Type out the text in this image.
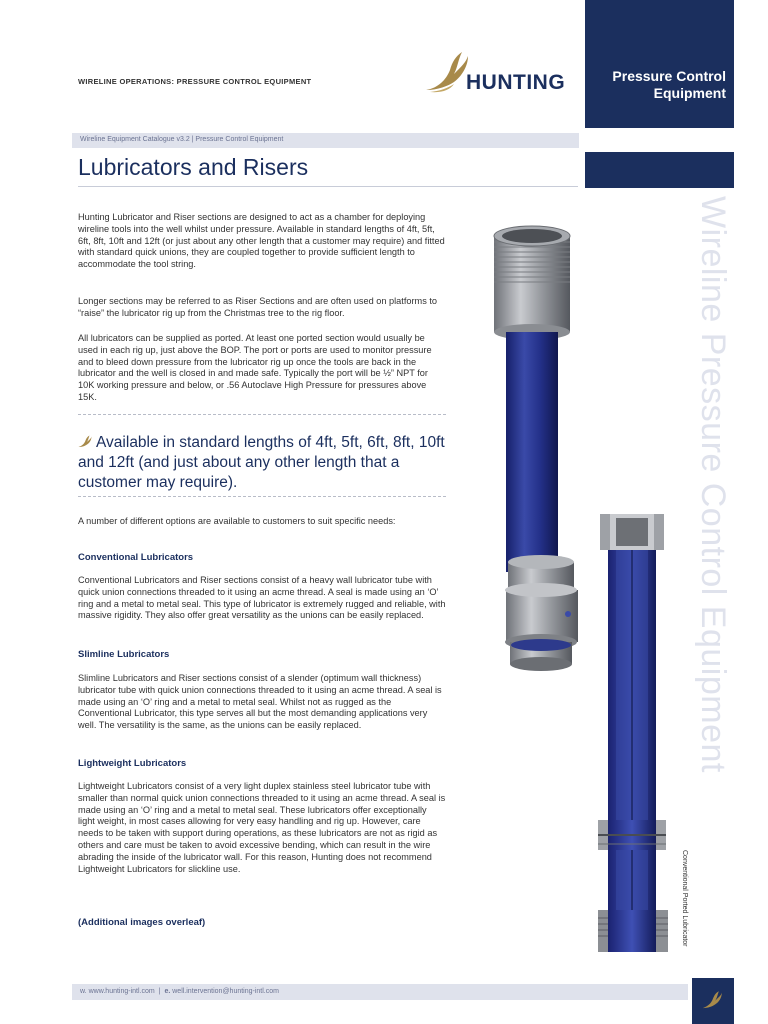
WIRELINE OPERATIONS: PRESSURE CONTROL EQUIPMENT	HUNTING	Pressure Control
Equipment
Wireline Equipment Catalogue v3.2 | Pressure Control Equipment
Lubricators and Risers
Wireline Pressure Control Equipment
Hunting Lubricator and Riser sections are designed to act as a chamber for deploying wireline tools into the well whilst under pressure. Available in standard lengths of 4ft, 5ft, 6ft, 8ft, 10ft and 12ft (or just about any other length that a customer may require) and fitted with standard quick unions, they are coupled together to provide sufficient length to accommodate the tool string.
Longer sections may be referred to as Riser Sections and are often used on platforms to “raise” the lubricator rig up from the Christmas tree to the rig floor.
All lubricators can be supplied as ported. At least one ported section would usually be used in each rig up, just above the BOP. The port or ports are used to monitor pressure and to bleed down pressure from the lubricator rig up once the tools are back in the lubricator and the well is closed in and made safe. Typically the port will be ½” NPT for 10K working pressure and below, or .56 Autoclave High Pressure for pressures above 15K.
Available in standard lengths of 4ft, 5ft, 6ft, 8ft, 10ft and 12ft (and just about any other length that a customer may require).
A number of different options are available to customers to suit specific needs:
Conventional Lubricators
Conventional Lubricators and Riser sections consist of a heavy wall lubricator tube with quick union connections threaded to it using an acme thread. A seal is made using an ‘O’ ring and a metal to metal seal. This type of lubricator is extremely rugged and reliable, with massive rigidity. They also offer great versatility as the unions can be easily replaced.
Slimline Lubricators
Slimline Lubricators and Riser sections consist of a slender (optimum wall thickness) lubricator tube with quick union connections threaded to it using an acme thread. A seal is made using an ‘O’ ring and a metal to metal seal. Whilst not as rugged as the Conventional Lubricator, this type serves all but the most demanding applications very well. The versatility is the same, as the unions can be easily replaced.
Lightweight Lubricators
Lightweight Lubricators consist of a very light duplex stainless steel lubricator tube with smaller than normal quick union connections threaded to it using an acme thread. A seal is made using an ‘O’ ring and a metal to metal seal. These lubricators offer exceptionally light weight, in most cases allowing for very easy handling and rig up. However, care needs to be taken with support during operations, as these lubricators are not as rigid as others and care must be taken to avoid excessive bending, which can result in the wire abrading the inside of the lubricator wall. For this reason, Hunting does not recommend Lightweight Lubricators for slickline use.
(Additional images overleaf)	Conventional Ported Lubricator
w. www.hunting-intl.com | e. well.intervention@hunting-intl.com
